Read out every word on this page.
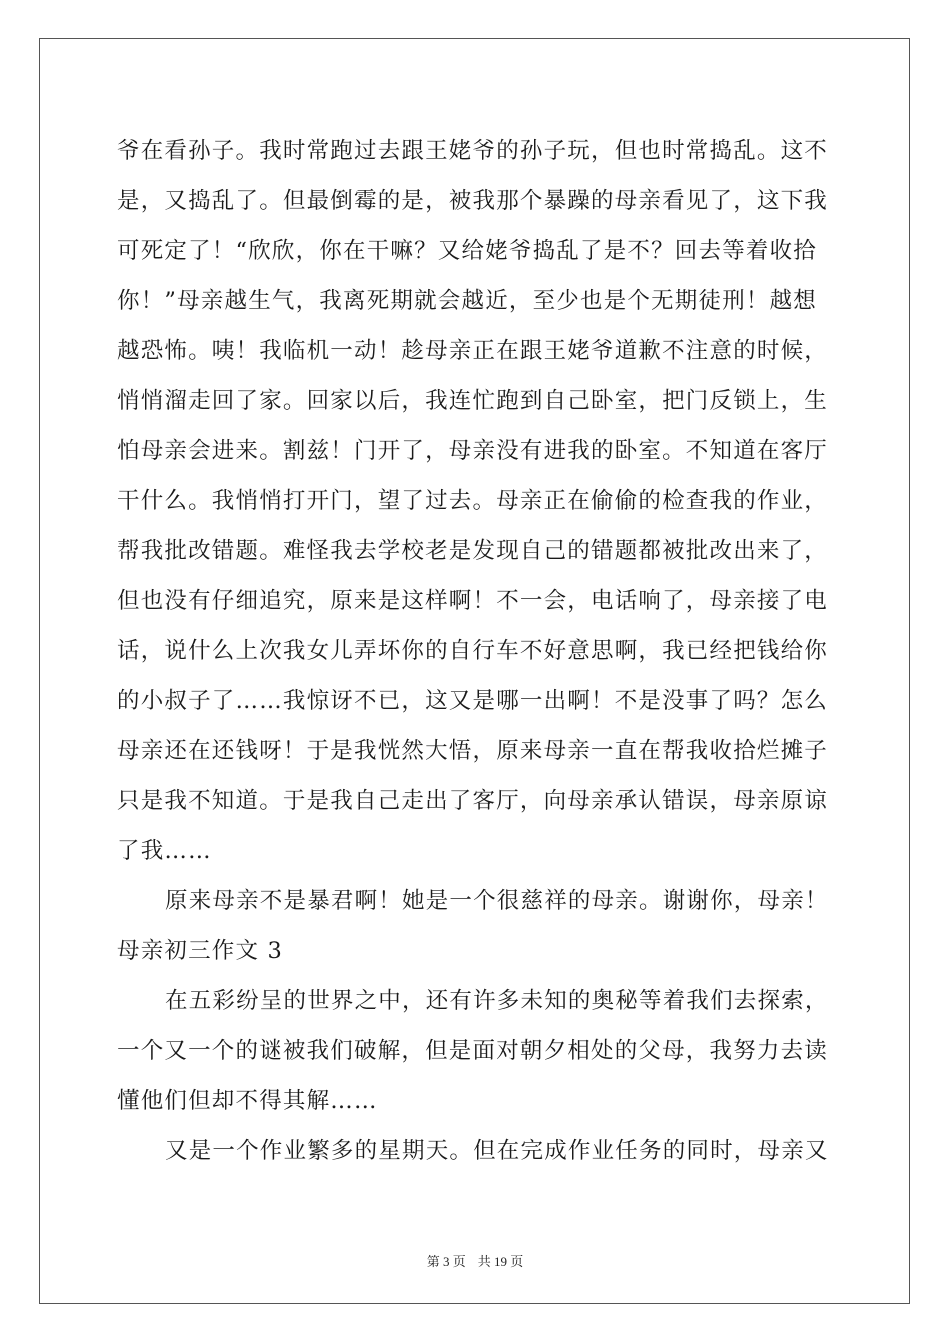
爷在看孙子。我时常跑过去跟王姥爷的孙子玩，但也时常捣乱。这不
是，又捣乱了。但最倒霉的是，被我那个暴躁的母亲看见了，这下我
可死定了！“欣欣，你在干嘛？又给姥爷捣乱了是不？回去等着收拾
你！”母亲越生气，我离死期就会越近，至少也是个无期徒刑！越想
越恐怖。咦！我临机一动！趁母亲正在跟王姥爷道歉不注意的时候，
悄悄溜走回了家。回家以后，我连忙跑到自己卧室，把门反锁上，生
怕母亲会进来。割兹！门开了，母亲没有进我的卧室。不知道在客厅
干什么。我悄悄打开门，望了过去。母亲正在偷偷的检查我的作业，
帮我批改错题。难怪我去学校老是发现自己的错题都被批改出来了，
但也没有仔细追究，原来是这样啊！不一会，电话响了，母亲接了电
话，说什么上次我女儿弄坏你的自行车不好意思啊，我已经把钱给你
的小叔子了……我惊讶不已，这又是哪一出啊！不是没事了吗？怎么
母亲还在还钱呀！于是我恍然大悟，原来母亲一直在帮我收拾烂摊子
只是我不知道。于是我自己走出了客厅，向母亲承认错误，母亲原谅
了我……
原来母亲不是暴君啊！她是一个很慈祥的母亲。谢谢你，母亲！
母亲初三作文 3
在五彩纷呈的世界之中，还有许多未知的奥秘等着我们去探索，
一个又一个的谜被我们破解，但是面对朝夕相处的父母，我努力去读
懂他们但却不得其解……
又是一个作业繁多的星期天。但在完成作业任务的同时，母亲又
第 3 页 共 19 页
